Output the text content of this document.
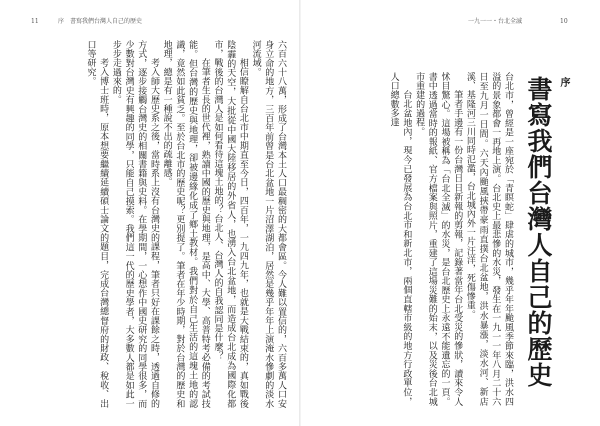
11	序　書寫我們台灣人自己的歷史

六百六十八萬，形成了台灣本土人口最稠密的大都會區。今人難以置信的，六百多萬人口安身立命的地方，三百年前曾是台北盆地一片沼澤湖泊，居然是幾乎年年上演淹水慘劇的淡水河流域。

相信瞭解自台北市中期直至今日，四百年，一九四九年，也就是大戰結束的，真如戰後陰霾的天空，大批從中國大陸移居的外省人，也湧入台北盆地，而造成台北成為國際化都市，戰後的台灣人是如何看待這塊土地的？台北人、台灣人的自我認同是什麼？

在筆者生長的世代裡，熟讀中國的歷史與地理，是高中、大學、高普特考必備的考試技能。但台灣的歷史與地理，卻被邊緣化成了鄉土教材。我們對於自己生活的這塊土地的認識，竟然如此貧乏。至於台北市的歷史呢？更別提了。筆者在年少時期，對於台灣的歷史和地理，總是有一種說不出的疏離感。

考入師大歷史系之後，當時系上沒有台灣史的課程，筆者只好在課餘之時，透過自修的方式，逐步接觸台灣史的相關書籍與史料。在學期間，一心想作中國史研究的同學很多，而少數對台灣史有興趣的同學，只能自己摸索。我們這一代的歷史學者，大多數人都是如此一步步走過來的。

考入博士班時，原本想要繼續延續碩士論文的題目，完成台灣總督府的財政、稅收、出口等研究。

一九一一・台北全滅	10
序
書寫我們台灣人自己的歷史

台北市，曾經是一座宛於「青瞑蛇」肆虐的城市，幾乎年年颱風季節來臨，洪水四溢的景象都會一再地上演。台北史上最悲慘的水災，發生在一九一一年八月二十六日至九月一日間。六天內颱風挾帶豪雨直撲台北盆地，洪水暴漲，淡水河、新店溪、基隆河三川同時氾濫，台北城內外一片汪洋，死傷慘重。

筆者手邊有一份台灣日日新報的剪報，記錄著當年台北受災的慘狀，讀來令人怵目驚心。這場被稱為「台北全滅」的水災，是台北歷史上永遠不能遺忘的一頁。書中透過當時的報紙、官方檔案與照片，重建了這場災難的始末，以及災後台北城市重建的過程。

台北盆地內，現今已發展為台北市和新北市，兩個直轄市級的地方行政單位，人口總數多達
